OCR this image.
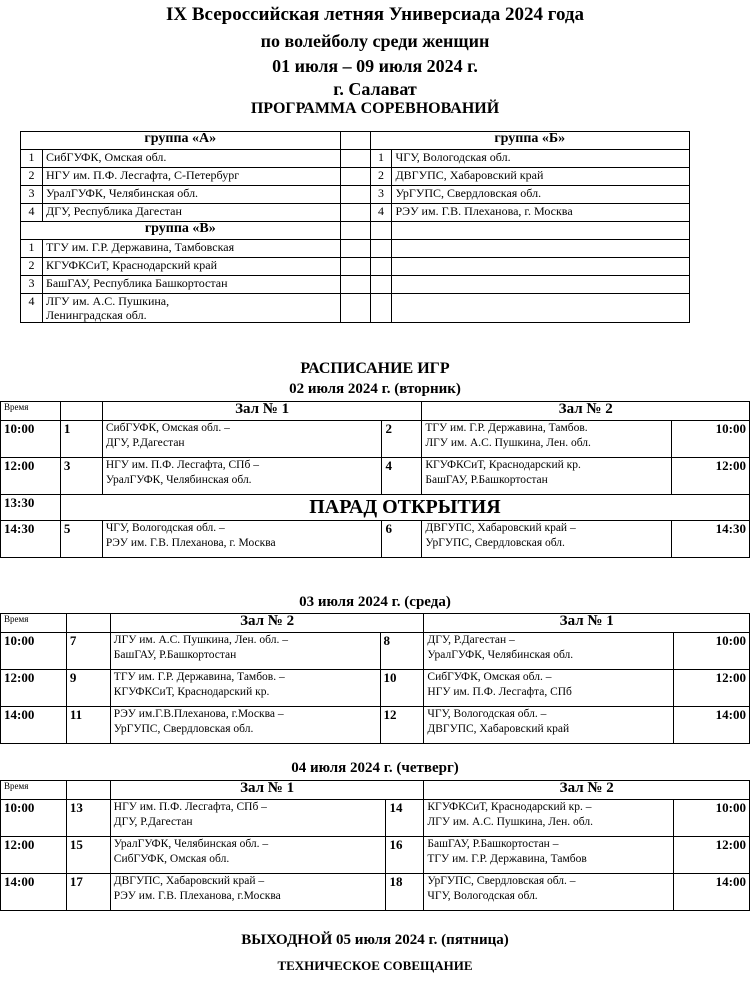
IX Всероссийская летняя Универсиада 2024 года
по волейболу среди женщин
01 июля – 09 июля 2024 г.
г. Салават
ПРОГРАММА СОРЕВНОВАНИЙ
группа «А»			группа «Б»	
1	СибГУФК, Омская обл.		1	ЧГУ, Вологодская обл.
2	НГУ им. П.Ф. Лесгафта, С-Петербург		2	ДВГУПС, Хабаровский край
3	УралГУФК, Челябинская обл.		3	УрГУПС, Свердловская обл.
4	ДГУ, Республика Дагестан		4	РЭУ им. Г.В. Плеханова, г. Москва
группа «В»				
1	ТГУ им. Г.Р. Державина, Тамбовская			
2	КГУФКСиТ, Краснодарский край			
3	БашГАУ, Республика Башкортостан			
4	ЛГУ им. А.С. Пушкина,
Ленинградская обл.			

РАСПИСАНИЕ ИГР
02 июля 2024 г. (вторник)
Время		Зал № 1		Зал № 2	
10:00	1	СибГУФК, Омская обл. –
ДГУ, Р.Дагестан	2	ТГУ им. Г.Р. Державина, Тамбов.
ЛГУ им. А.С. Пушкина, Лен. обл.	10:00
12:00	3	НГУ им. П.Ф. Лесгафта, СПб –
УралГУФК, Челябинская обл.	4	КГУФКСиТ, Краснодарский кр.
БашГАУ, Р.Башкортостан	12:00
13:30	ПАРАД ОТКРЫТИЯ				
14:30	5	ЧГУ, Вологодская обл. –
РЭУ им. Г.В. Плеханова, г. Москва	6	ДВГУПС, Хабаровский край –
УрГУПС, Свердловская обл.	14:30
03 июля 2024 г. (среда)
Время		Зал № 2		Зал № 1	
10:00	7	ЛГУ им. А.С. Пушкина, Лен. обл. –
БашГАУ, Р.Башкортостан	8	ДГУ, Р.Дагестан –
УралГУФК, Челябинская обл.	10:00
12:00	9	ТГУ им. Г.Р. Державина, Тамбов. –
КГУФКСиТ, Краснодарский кр.	10	СибГУФК, Омская обл. –
НГУ им. П.Ф. Лесгафта, СПб	12:00
14:00	11	РЭУ им.Г.В.Плеханова, г.Москва –
УрГУПС, Свердловская обл.	12	ЧГУ, Вологодская обл. –
ДВГУПС, Хабаровский край	14:00
04 июля 2024 г. (четверг)
Время		Зал № 1		Зал № 2	
10:00	13	НГУ им. П.Ф. Лесгафта, СПб –
ДГУ, Р.Дагестан	14	КГУФКСиТ, Краснодарский кр. –
ЛГУ им. А.С. Пушкина, Лен. обл.	10:00
12:00	15	УралГУФК, Челябинская обл. –
СибГУФК, Омская обл.	16	БашГАУ, Р.Башкортостан –
ТГУ им. Г.Р. Державина, Тамбов	12:00
14:00	17	ДВГУПС, Хабаровский край –
РЭУ им. Г.В. Плеханова, г.Москва	18	УрГУПС, Свердловская обл. –
ЧГУ, Вологодская обл.	14:00
ВЫХОДНОЙ 05 июля 2024 г. (пятница)
ТЕХНИЧЕСКОЕ СОВЕЩАНИЕ
